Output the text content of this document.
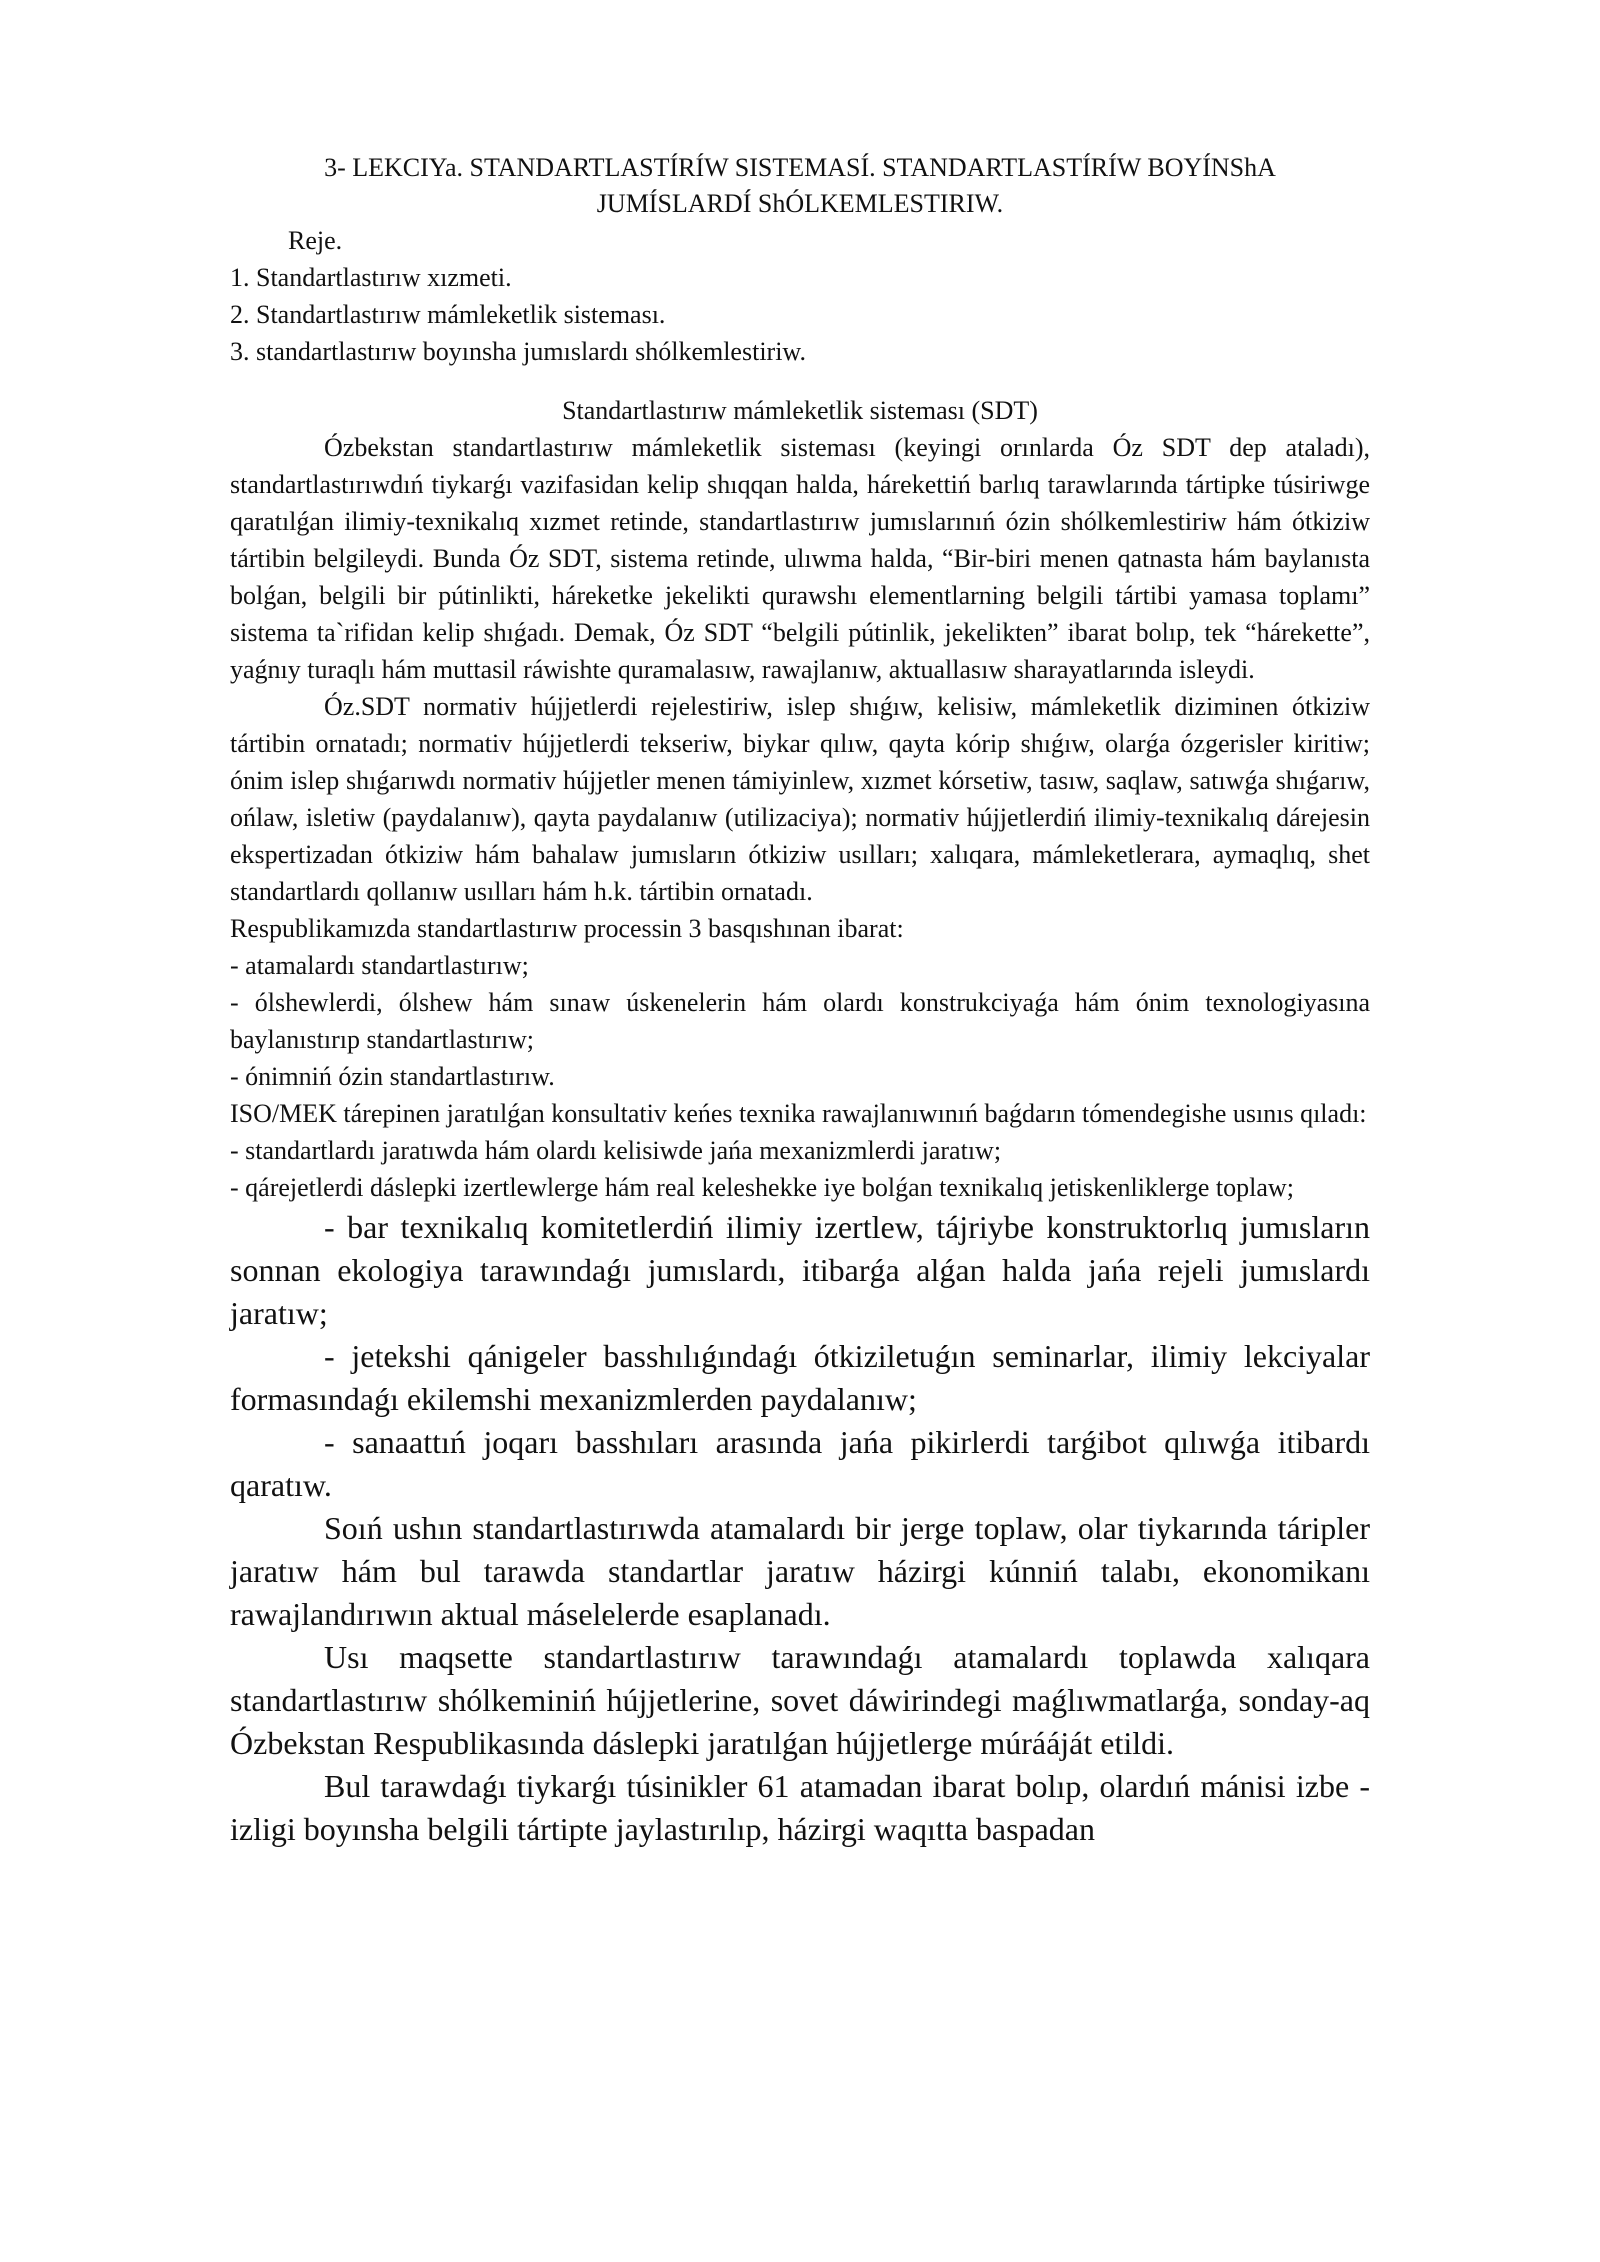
3- LEKCIYa. STANDARTLASTÍRÍW SISTEMASÍ. STANDARTLASTÍRÍW BOYÍNShA
JUMÍSLARDÍ ShÓLKEMLESTIRIW.

Reje.

1. Standartlastırıw xızmeti.

2. Standartlastırıw mámleketlik sisteması.

3. standartlastırıw boyınsha jumıslardı shólkemlestiriw.

Standartlastırıw mámleketlik sisteması (SDT)

Ózbekstan standartlastırıw mámleketlik sisteması (keyingi orınlarda Óz SDT dep ataladı), standartlastırıwdıń tiykarǵı vazifasidan kelip shıqqan halda, hárekettiń barlıq tarawlarında tártipke túsiriwge qaratılǵan ilimiy-texnikalıq xızmet retinde, standartlastırıw jumıslarınıń ózin shólkemlestiriw hám ótkiziw tártibin belgileydi. Bunda Óz SDT, sistema retinde, ulıwma halda, “Bir-biri menen qatnasta hám baylanısta bolǵan, belgili bir pútinlikti, háreketke jekelikti qurawshı elementlarning belgili tártibi yamasa toplamı” sistema ta`rifidan kelip shıǵadı. Demak, Óz SDT “belgili pútinlik, jekelikten” ibarat bolıp, tek “hárekette”, yaǵnıy turaqlı hám muttasil ráwishte quramalasıw, rawajlanıw, aktuallasıw sharayatlarında isleydi.

Óz.SDT normativ hújjetlerdi rejelestiriw, islep shıǵıw, kelisiw, mámleketlik diziminen ótkiziw tártibin ornatadı; normativ hújjetlerdi tekseriw, biykar qılıw, qayta kórip shıǵıw, olarǵa ózgerisler kiritiw; ónim islep shıǵarıwdı normativ hújjetler menen támiyinlew, xızmet kórsetiw, tasıw, saqlaw, satıwǵa shıǵarıw, ońlaw, isletiw (paydalanıw), qayta paydalanıw (utilizaciya); normativ hújjetlerdiń ilimiy-texnikalıq dárejesin ekspertizadan ótkiziw hám bahalaw jumısların ótkiziw usılları; xalıqara, mámleketlerara, aymaqlıq, shet standartlardı qollanıw usılları hám h.k. tártibin ornatadı.

Respublikamızda standartlastırıw processin 3 basqıshınan ibarat:

- atamalardı standartlastırıw;

- ólshewlerdi, ólshew hám sınaw úskenelerin hám olardı konstrukciyaǵa hám ónim texnologiyasına baylanıstırıp standartlastırıw;

- ónimniń ózin standartlastırıw.

ISO/MEK tárepinen jaratılǵan konsultativ keńes texnika rawajlanıwınıń baǵdarın tómendegishe usınıs qıladı:

- standartlardı jaratıwda hám olardı kelisiwde jańa mexanizmlerdi jaratıw;

- qárejetlerdi dáslepki izertlewlerge hám real keleshekke iye bolǵan texnikalıq jetiskenliklerge toplaw;

- bar texnikalıq komitetlerdiń ilimiy izertlew, tájriybe konstruktorlıq jumısların sonnan ekologiya tarawındaǵı jumıslardı, itibarǵa alǵan halda jańa rejeli jumıslardı jaratıw;

- jetekshi qánigeler basshılıǵındaǵı ótkiziletuǵın seminarlar, ilimiy lekciyalar formasındaǵı ekilemshi mexanizmlerden paydalanıw;

- sanaattıń joqarı basshıları arasında jańa pikirlerdi tarǵibot qılıwǵa itibardı qaratıw.

Soıń ushın standartlastırıwda atamalardı bir jerge toplaw, olar tiykarında táripler jaratıw hám bul tarawda standartlar jaratıw házirgi kúnniń talabı, ekonomikanı rawajlandırıwın aktual máselelerde esaplanadı.

Usı maqsette standartlastırıw tarawındaǵı atamalardı toplawda xalıqara standartlastırıw shólkeminiń hújjetlerine, sovet dáwirindegi maǵlıwmatlarǵa, sonday-aq Ózbekstan Respublikasında dáslepki jaratılǵan hújjetlerge múrááját etildi.

Bul tarawdaǵı tiykarǵı túsinikler 61 atamadan ibarat bolıp, olardıń mánisi izbe - izligi boyınsha belgili tártipte jaylastırılıp, házirgi waqıtta baspadan
